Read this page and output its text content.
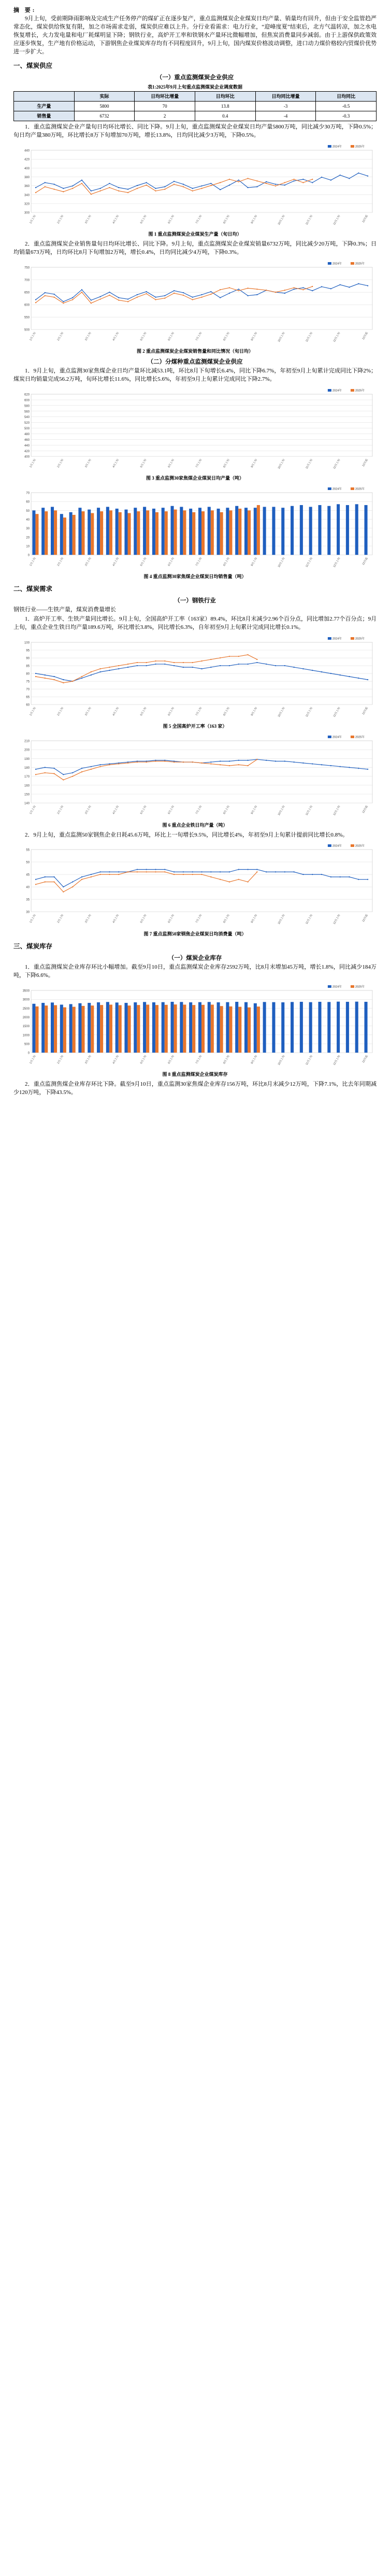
摘 要:

9月上旬，受前期降雨影响及完成生产任务停产的煤矿正在逐步复产，重点监测煤炭企业煤炭日均产量、销量均有回升，但由于安全监管趋严常态化，煤炭供给恢复有限，加之市场需求走弱，煤炭供应难以上升。分行业看需求：电力行业，“迎峰度夏”结束后，北方气温转凉，加之水电恢复增长，火力发电量和电厂耗煤明显下降；钢铁行业，高炉开工率和铁钢水产量环比微幅增加，但焦炭消费量同步减弱。由于上游保供政策效应逐步恢复，生产地有价格运动，下游钢焦企业煤炭库存均有不同程度回升，9月上旬，国内煤炭价格波动调整，进口动力煤价格较内贸煤价优势进一步扩大。

一、煤炭供应
（一）重点监测煤炭企业供应
表1:2025年9月上旬重点监测煤炭企业调度数据
	实际	日均环比增量	日均环比	日均同比增量	日均同比
生产量	5800	70	13.8	-3	-0.5
销售量	6732	2	0.4	-4	-0.3

1．重点监测煤炭企业产量旬日均环比增长、同比下降。9月上旬，重点监测煤炭企业煤炭日均产量5800万吨，同比减少30万吨，下降0.5%；旬日均产量380万吨，环比增长8万下旬增加70万吨，增长13.8%，日均同比减少3万吨，下降0.5%。

300
320
340
360
380
400
420
440
1月上旬	2月上旬	3月上旬	4月上旬	5月上旬	6月上旬	7月上旬	8月上旬	9月上旬	10月上旬	11月上旬	12月上旬	12月底
2024年	2025年
图 1 重点监测煤炭企业煤炭生产量（旬日均）

2．重点监测煤炭企业销售量旬日均环比增长、同比下降。9月上旬，重点监测煤炭企业煤炭销量6732万吨，同比减少20万吨，下降0.3%；日均销量673万吨，日均环比8月下旬增加2万吨，增长0.4%，日均同比减少4万吨，下降0.3%。

500
550
600
650
700
750
1月上旬	2月上旬	3月上旬	4月上旬	5月上旬	6月上旬	7月上旬	8月上旬	9月上旬	10月上旬	11月上旬	12月上旬	12月底
2024年	2025年
图 2 重点监测煤炭企业煤炭销售量和同比情况（旬日均）
（二）分煤种重点监测煤炭企业供应

1．9月上旬，重点监测30家焦煤企业日均产量环比减53.1吨，环比8月下旬增长6.4%，同比下降6.7%，年初至9月上旬累计完成同比下降2%；煤炭日均销量完成56.2万吨，旬环比增长11.6%，同比增长5.6%，年初至9月上旬累计完成同比下降2.7%。

400
420
440
460
480
500
520
540
560
580
600
620
1月上旬	2月上旬	3月上旬	4月上旬	5月上旬	6月上旬	7月上旬	8月上旬	9月上旬	10月上旬	11月上旬	12月上旬	12月底
2024年	2025年
图 3 重点监测30家焦煤企业煤炭日均产量（吨）
0
10
20
30
40
50
60
70
1月上旬	2月上旬	3月上旬	4月上旬	5月上旬	6月上旬	7月上旬	8月上旬	9月上旬	10月上旬	11月上旬	12月上旬	12月底
2024年	2025年
图 4 重点监测30家焦煤企业煤炭日均销售量（吨）
二、煤炭需求
（一）钢铁行业

钢铁行业——生铁产量，煤炭消费量增长

1．高炉开工率、生铁产量同比增长。9月上旬，全国高炉开工率（163家）89.4%，环比8月末减少2.96个百分点，同比增加2.77个百分点；9月上旬，重点企业生铁日均产量189.6万吨，环比增长3.8%，同比增长6.3%，自年初至9月上旬累计完成同比增长0.1%。

60
65
70
75
80
85
90
95
100
1月上旬	2月上旬	3月上旬	4月上旬	5月上旬	6月上旬	7月上旬	8月上旬	9月上旬	10月上旬	11月上旬	12月上旬	12月底
2024年	2025年
图 5 全国高炉开工率（163 家）
140
150
160
170
180
190
200
210
1月上旬	2月上旬	3月上旬	4月上旬	5月上旬	6月上旬	7月上旬	8月上旬	9月上旬	10月上旬	11月上旬	12月上旬	12月底
2024年	2025年
图 6 重点企业铁日均产量（吨）

2．9月上旬，重点监测50家钢焦企业日耗45.6万吨，环比上一旬增长9.5%，同比增长4%，年初至9月上旬累计提前同比增长0.8%。

30
35
40
45
50
55
1月上旬	2月上旬	3月上旬	4月上旬	5月上旬	6月上旬	7月上旬	8月上旬	9月上旬	10月上旬	11月上旬	12月上旬	12月底
2024年	2025年
图 7 重点监测50家钢焦企业煤炭日均消费量（吨）
三、煤炭库存
（一）煤炭企业库存

1．重点监测煤炭企业库存环比小幅增加。截至9月10日，重点监测煤炭企业库存2592万吨，比8月末增加45万吨，增长1.8%，同比减少184万吨，下降6.6%。

0
500
1000
1500
2000
2500
3000
3500
1月上旬	2月上旬	3月上旬	4月上旬	5月上旬	6月上旬	7月上旬	8月上旬	9月上旬	10月上旬	11月上旬	12月上旬	12月底
2024年	2025年
图 8 重点监测煤炭企业煤炭库存

2．重点监测焦煤企业库存环比下降。截至9月10日，重点监测30家焦煤企业库存156万吨，环比8月末减少12万吨，下降7.1%，比去年同期减少120万吨，下降43.5%。
